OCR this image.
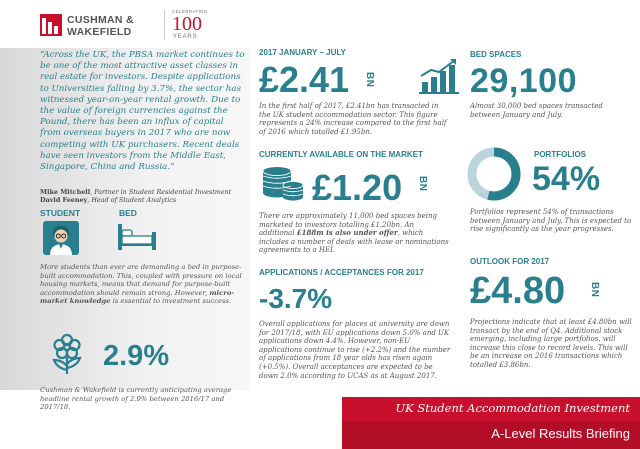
CUSHMAN &
WAKEFIELD
CELEBRATING
100
YEARS
“Across the UK, the PBSA market continues to be one of the most attractive asset classes in real estate for investors. Despite applications to Universities falling by 3.7%, the sector has witnessed year-on-year rental growth. Due to the value of foreign currencies against the Pound, there has been an influx of capital from overseas buyers in 2017 who are now competing with UK purchasers. Recent deals have seen investors from the Middle East, Singapore, China and Russia.”
Mike Mitchell, Partner in Student Residential Investment
David Feeney, Head of Student Analytics
STUDENT	BED
More students than ever are demanding a bed in purpose-built accommodation. This, coupled with pressure on local housing markets, means that demand for purpose-built accommodation should remain strong. However, micro-market knowledge is essential to investment success.
2.9%
Cushman & Wakefield is currently anticipating average headline rental growth of 2.9% between 2016/17 and 2017/18.
2017 JANUARY – JULY
£2.41 BN
In the first half of 2017, £2.41bn has transacted in the UK student accommodation sector. This figure represents a 24% increase compared to the first half of 2016 which totalled £1.95bn.
BED SPACES
29,100
Almost 30,000 bed spaces transacted between January and July.
CURRENTLY AVAILABLE ON THE MARKET
£1.20 BN
There are approximately 11,000 bed spaces being marketed to investors totalling £1.20bn. An additional £188m is also under offer, which includes a number of deals with lease or nominations agreements to a HEI.
PORTFOLIOS
54%
Portfolios represent 54% of transactions between January and July. This is expected to rise significantly as the year progresses.
APPLICATIONS / ACCEPTANCES FOR 2017
-3.7%
Overall applications for places at university are down for 2017/18, with EU applications down 5.0% and UK applications down 4.4%. However, non-EU applications continue to rise (+2.2%) and the number of applications from 18 year olds has risen again (+0.5%). Overall acceptances are expected to be down 2.0% according to UCAS as at August 2017.
OUTLOOK FOR 2017
£4.80 BN
Projections indicate that at least £4.80bn will transact by the end of Q4. Additional stock emerging, including large portfolios, will increase this close to record levels. This will be an increase on 2016 transactions which totalled £3.86bn.
UK Student Accommodation Investment
A-Level Results Briefing
